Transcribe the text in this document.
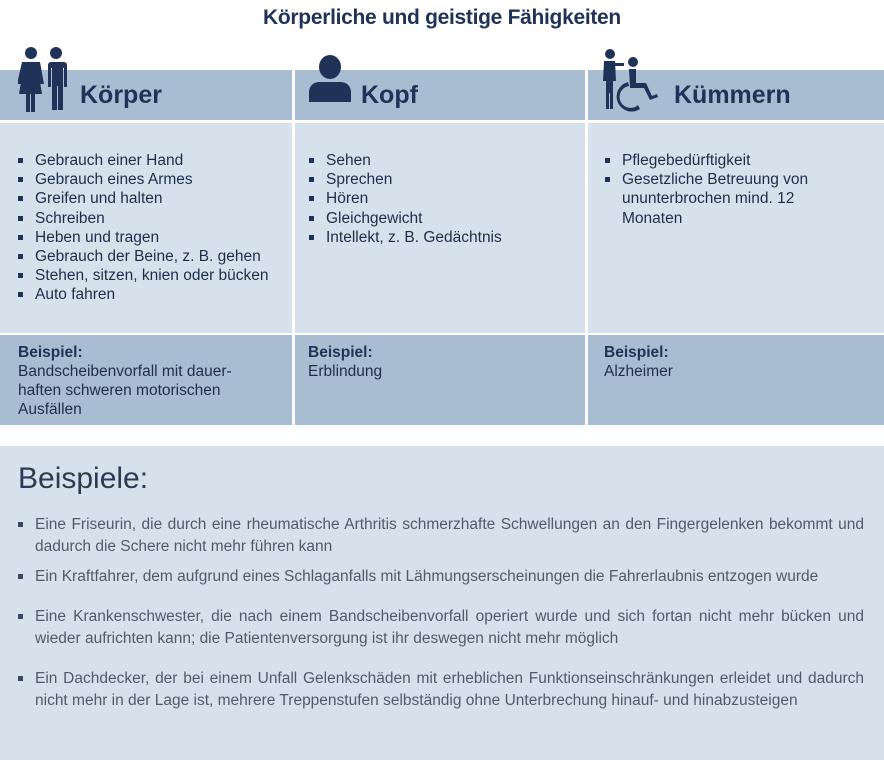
Körperliche und geistige Fähigkeiten
Körper
Gebrauch einer Hand
Gebrauch eines Armes
Greifen und halten
Schreiben
Heben und tragen
Gebrauch der Beine, z. B. gehen
Stehen, sitzen, knien oder bücken
Auto fahren
Beispiel:
Bandscheibenvorfall mit dauer-haften schweren motorischen Ausfällen
Kopf
Sehen
Sprechen
Hören
Gleichgewicht
Intellekt, z. B. Gedächtnis
Beispiel:
Erblindung
Kümmern
Pflegebedürftigkeit
Gesetzliche Betreuung von ununterbrochen mind. 12 Monaten
Beispiel:
Alzheimer
Beispiele:
Eine Friseurin, die durch eine rheumatische Arthritis schmerzhafte Schwellungen an den Fingergelenken bekommt und dadurch die Schere nicht mehr führen kann
Ein Kraftfahrer, dem aufgrund eines Schlaganfalls mit Lähmungserscheinungen die Fahrerlaubnis entzogen wurde
Eine Krankenschwester, die nach einem Bandscheibenvorfall operiert wurde und sich fortan nicht mehr bücken und wieder aufrichten kann; die Patientenversorgung ist ihr deswegen nicht mehr möglich
Ein Dachdecker, der bei einem Unfall Gelenkschäden mit erheblichen Funktionseinschränkungen erleidet und dadurch nicht mehr in der Lage ist, mehrere Treppenstufen selbständig ohne Unterbrechung hinauf- und hinabzusteigen
